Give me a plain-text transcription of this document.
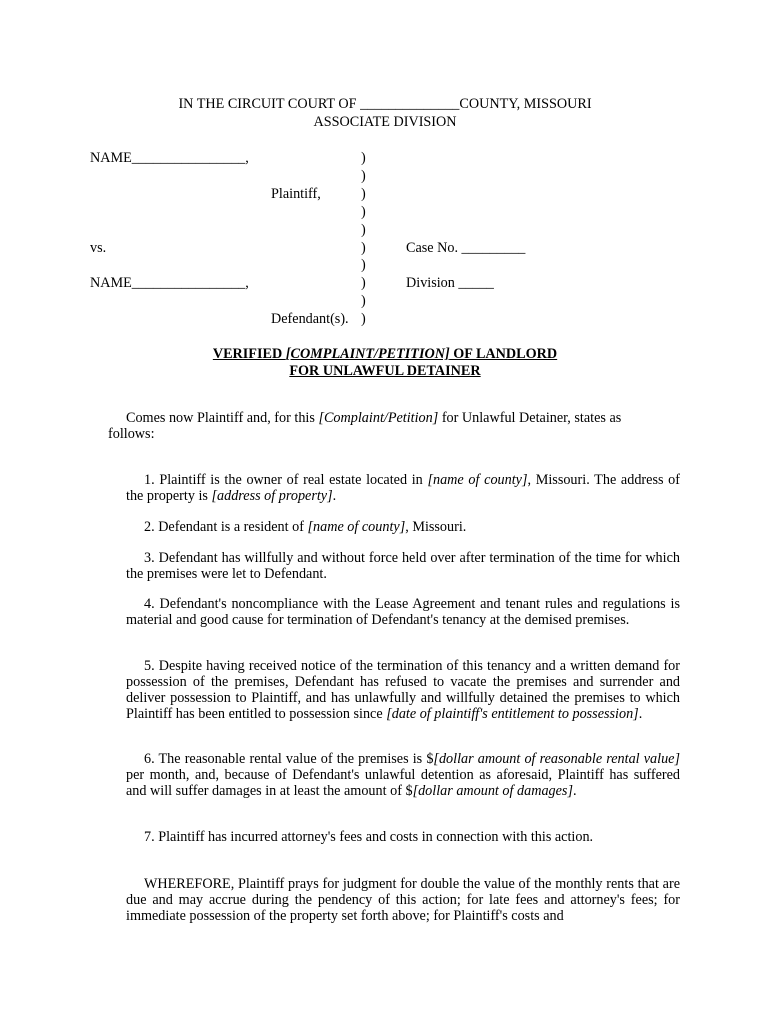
IN THE CIRCUIT COURT OF ______________COUNTY, MISSOURI
ASSOCIATE DIVISION
NAME________________,
Plaintiff,
vs.
NAME________________,
Defendant(s).
)
)
)
)
)
)
)
)
)
)
Case No. _________
Division _____
VERIFIED [COMPLAINT/PETITION] OF LANDLORD
FOR UNLAWFUL DETAINER
Comes now Plaintiff and, for this [Complaint/Petition] for Unlawful Detainer, states as follows:
1. Plaintiff is the owner of real estate located in [name of county], Missouri. The address of the property is [address of property].
2. Defendant is a resident of [name of county], Missouri.
3. Defendant has willfully and without force held over after termination of the time for which the premises were let to Defendant.
4. Defendant's noncompliance with the Lease Agreement and tenant rules and regulations is material and good cause for termination of Defendant's tenancy at the demised premises.
5. Despite having received notice of the termination of this tenancy and a written demand for possession of the premises, Defendant has refused to vacate the premises and surrender and deliver possession to Plaintiff, and has unlawfully and willfully detained the premises to which Plaintiff has been entitled to possession since [date of plaintiff's entitlement to possession].
6. The reasonable rental value of the premises is $[dollar amount of reasonable rental value] per month, and, because of Defendant's unlawful detention as aforesaid, Plaintiff has suffered and will suffer damages in at least the amount of $[dollar amount of damages].
7. Plaintiff has incurred attorney's fees and costs in connection with this action.
WHEREFORE, Plaintiff prays for judgment for double the value of the monthly rents that are due and may accrue during the pendency of this action; for late fees and attorney's fees; for immediate possession of the property set forth above; for Plaintiff's costs and
